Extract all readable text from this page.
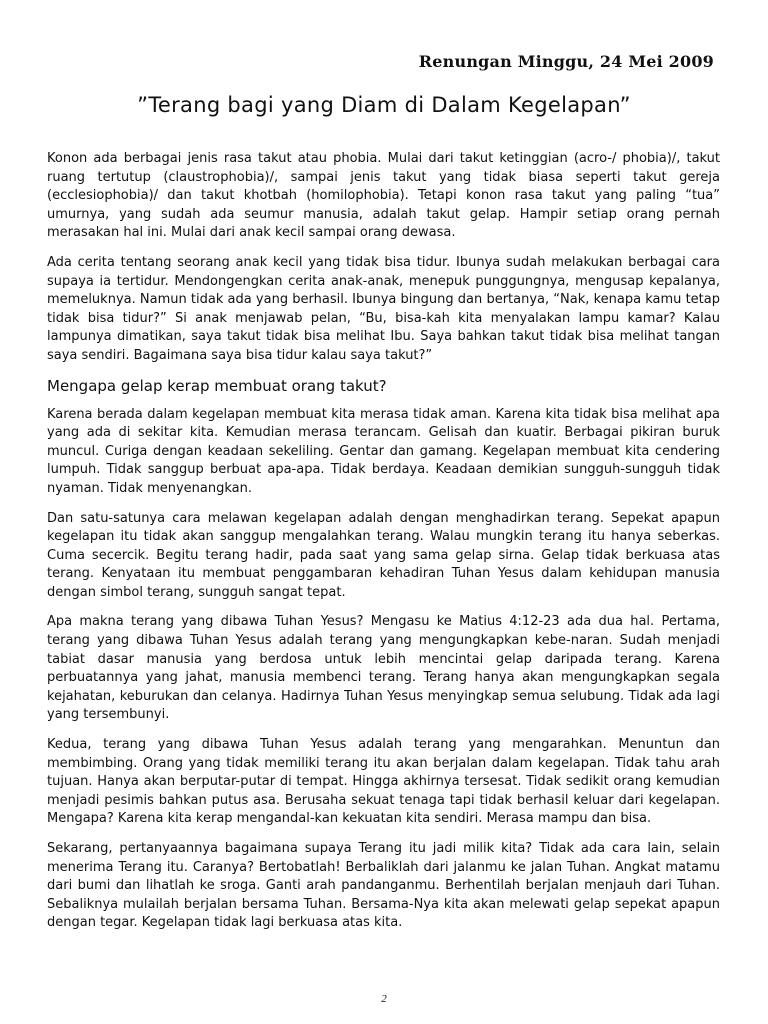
Renungan Minggu, 24 Mei 2009
”Terang bagi yang Diam di Dalam Kegelapan”

Konon ada berbagai jenis rasa takut atau phobia. Mulai dari takut ketinggian (acro-/ phobia)/, takut ruang tertutup (claustrophobia)/, sampai jenis takut yang tidak biasa seperti takut gereja (ecclesiophobia)/ dan takut khotbah (homilophobia). Tetapi konon rasa takut yang paling “tua” umurnya, yang sudah ada seumur manusia, adalah takut gelap. Hampir setiap orang pernah merasakan hal ini. Mulai dari anak kecil sampai orang dewasa.

Ada cerita tentang seorang anak kecil yang tidak bisa tidur. Ibunya sudah melakukan berbagai cara supaya ia tertidur. Mendongengkan cerita anak-anak, menepuk punggungnya, mengusap kepalanya, memeluknya. Namun tidak ada yang berhasil. Ibunya bingung dan bertanya, “Nak, kenapa kamu tetap tidak bisa tidur?” Si anak menjawab pelan, “Bu, bisa-kah kita menyalakan lampu kamar? Kalau lampunya dimatikan, saya takut tidak bisa melihat Ibu. Saya bahkan takut tidak bisa melihat tangan saya sendiri. Bagaimana saya bisa tidur kalau saya takut?”

Mengapa gelap kerap membuat orang takut?

Karena berada dalam kegelapan membuat kita merasa tidak aman. Karena kita tidak bisa melihat apa yang ada di sekitar kita. Kemudian merasa terancam. Gelisah dan kuatir. Berbagai pikiran buruk muncul. Curiga dengan keadaan sekeliling. Gentar dan gamang. Kegelapan membuat kita cendering lumpuh. Tidak sanggup berbuat apa-apa. Tidak berdaya. Keadaan demikian sungguh-sungguh tidak nyaman. Tidak menyenangkan.

Dan satu-satunya cara melawan kegelapan adalah dengan menghadirkan terang. Sepekat apapun kegelapan itu tidak akan sanggup mengalahkan terang. Walau mungkin terang itu hanya seberkas. Cuma secercik. Begitu terang hadir, pada saat yang sama gelap sirna. Gelap tidak berkuasa atas terang. Kenyataan itu membuat penggambaran kehadiran Tuhan Yesus dalam kehidupan manusia dengan simbol terang, sungguh sangat tepat.

Apa makna terang yang dibawa Tuhan Yesus? Mengasu ke Matius 4:12-23 ada dua hal. Pertama, terang yang dibawa Tuhan Yesus adalah terang yang mengungkapkan kebe-naran. Sudah menjadi tabiat dasar manusia yang berdosa untuk lebih mencintai gelap daripada terang. Karena perbuatannya yang jahat, manusia membenci terang. Terang hanya akan mengungkapkan segala kejahatan, keburukan dan celanya. Hadirnya Tuhan Yesus menyingkap semua selubung. Tidak ada lagi yang tersembunyi.

Kedua, terang yang dibawa Tuhan Yesus adalah terang yang mengarahkan. Menuntun dan membimbing. Orang yang tidak memiliki terang itu akan berjalan dalam kegelapan. Tidak tahu arah tujuan. Hanya akan berputar-putar di tempat. Hingga akhirnya tersesat. Tidak sedikit orang kemudian menjadi pesimis bahkan putus asa. Berusaha sekuat tenaga tapi tidak berhasil keluar dari kegelapan. Mengapa? Karena kita kerap mengandal-kan kekuatan kita sendiri. Merasa mampu dan bisa.

Sekarang, pertanyaannya bagaimana supaya Terang itu jadi milik kita? Tidak ada cara lain, selain menerima Terang itu. Caranya? Bertobatlah! Berbaliklah dari jalanmu ke jalan Tuhan. Angkat matamu dari bumi dan lihatlah ke sroga. Ganti arah pandanganmu. Berhentilah berjalan menjauh dari Tuhan. Sebaliknya mulailah berjalan bersama Tuhan. Bersama-Nya kita akan melewati gelap sepekat apapun dengan tegar. Kegelapan tidak lagi berkuasa atas kita.

2
